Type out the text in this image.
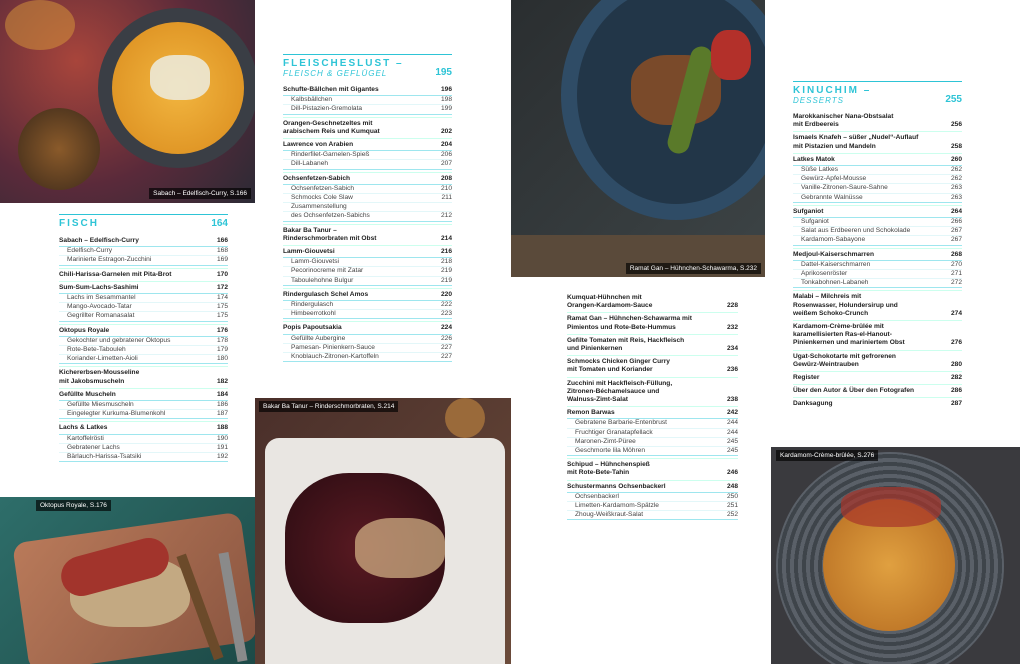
Sabach – Edelfisch-Curry, S.166
Oktopus Royale, S.176
Bakar Ba Tanur – Rinderschmorbraten, S.214
Ramat Gan – Hühnchen-Schawarma, S.232
Kardamom-Crème-brûlée, S.276
FISCH	164
Sabach – Edelfisch-Curry	166
Edelfisch-Curry	168
Marinierte Estragon-Zucchini	169
Chili-Harissa-Garnelen mit Pita-Brot	170
Sum-Sum-Lachs-Sashimi	172
Lachs im Sesammantel	174
Mango-Avocado-Tatar	175
Gegrillter Romanasalat	175
Oktopus Royale	176
Gekochter und gebratener Oktopus	178
Rote-Bete-Tabouleh	179
Koriander-Limetten-Aioli	180
Kichererbsen-Mousseline
mit Jakobsmuscheln	182
Gefüllte Muscheln	184
Gefüllte Miesmuscheln	186
Eingelegter Kurkuma-Blumenkohl	187
Lachs & Latkes	188
Kartoffelrösti	190
Gebratener Lachs	191
Bärlauch-Harissa-Tsatsiki	192
FLEISCHESLUST –
FLEISCH & GEFLÜGEL	195
Schufte-Bällchen mit Gigantes	196
Kalbsbällchen	198
Dill-Pistazien-Gremolata	199
Orangen-Geschnetzeltes mit
arabischem Reis und Kumquat	202
Lawrence von Arabien	204
Rinderfilet-Garnelen-Spieß	206
Dill-Labaneh	207
Ochsenfetzen-Sabich	208
Ochsenfetzen-Sabich	210
Schmocks Cole Slaw	211
Zusammenstellung
des Ochsenfetzen-Sabichs	212
Bakar Ba Tanur –
Rinderschmorbraten mit Obst	214
Lamm-Giouvetsi	216
Lamm-Giouvetsi	218
Pecorinocreme mit Zatar	219
Taboulehohne Bulgur	219
Rindergulasch Schel Amos	220
Rindergulasch	222
Himbeerrotkohl	223
Popis Papoutsakia	224
Gefüllte Aubergine	226
Pamesan- Pinienkern-Sauce	227
Knoblauch-Zitronen-Kartoffeln	227
Kumquat-Hühnchen mit
Orangen-Kardamom-Sauce	228
Ramat Gan – Hühnchen-Schawarma mit
Pimientos und Rote-Bete-Hummus	232
Gefilte Tomaten mit Reis, Hackfleisch
und Pinienkernen	234
Schmocks Chicken Ginger Curry
mit Tomaten und Koriander	236
Zucchini mit Hackfleisch-Füllung,
Zitronen-Béchamelsauce und
Walnuss-Zimt-Salat	238
Remon Barwas	242
Gebratene Barbarie-Entenbrust	244
Fruchtiger Granatapfellack	244
Maronen-Zimt-Püree	245
Geschmorte lila Möhren	245
Schipud – Hühnchenspieß
mit Rote-Bete-Tahin	246
Schustermanns Ochsenbackerl	248
Ochsenbackerl	250
Limetten-Kardamom-Spätzle	251
Zhoug-Weißkraut-Salat	252
KINUCHIM –
DESSERTS	255
Marokkanischer Nana-Obstsalat
mit Erdbeereis	256
Ismaels Knafeh – süßer „Nudel“-Auflauf
mit Pistazien und Mandeln	258
Latkes Matok	260
Süße Latkes	262
Gewürz-Apfel-Mousse	262
Vanille-Zitronen-Saure-Sahne	263
Gebrannte Walnüsse	263
Sufganiot	264
Sufganiot	266
Salat aus Erdbeeren und Schokolade	267
Kardamom-Sabayone	267
Medjoul-Kaiserschmarren	268
Dattel-Kaiserschmarren	270
Aprikosenröster	271
Tonkabohnen-Labaneh	272
Malabi – Milchreis mit
Rosenwasser, Holundersirup und
weißem Schoko-Crunch	274
Kardamom-Crème-brûlée mit
karamellisierten Ras-el-Hanout-
Pinienkernen und mariniertem Obst	276
Ugat-Schokotarte mit gefrorenen
Gewürz-Weintrauben	280
Register	282
Über den Autor & Über den Fotografen	286
Danksagung	287
